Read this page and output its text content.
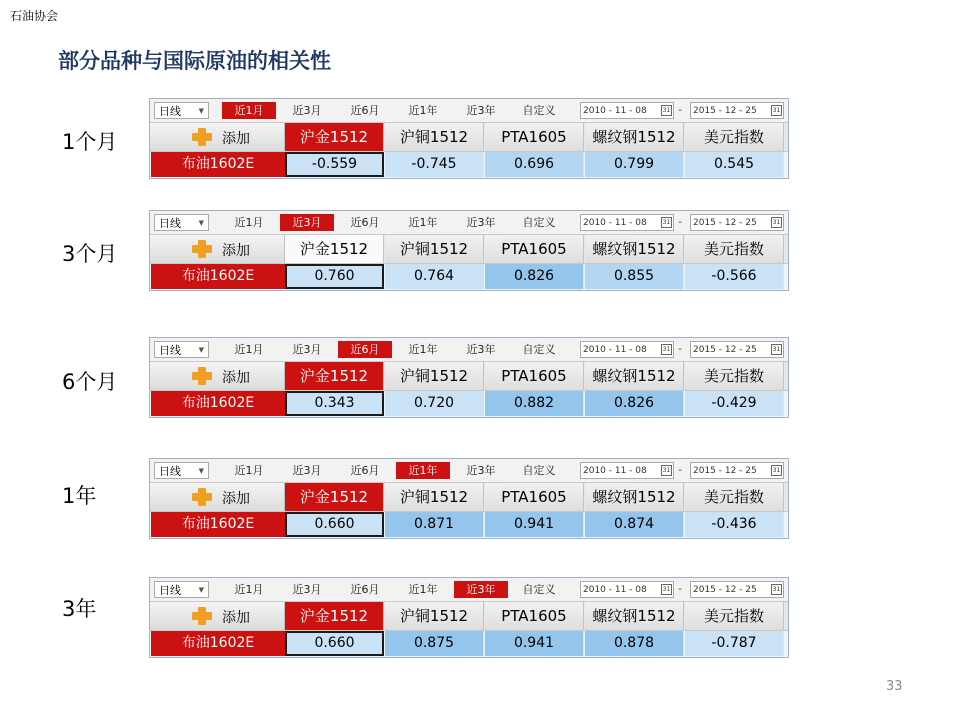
石油协会
部分品种与国际原油的相关性
33
1个月
日线	▼	近1月	近3月	近6月	近1年	近3年	自定义	2010 - 11 - 08	31 -	2015 - 12 - 25	31
添加	沪金1512	沪铜1512	PTA1605	螺纹钢1512	美元指数
布油1602E	-0.559	-0.745	0.696	0.799	0.545
3个月
日线	▼	近1月	近3月	近6月	近1年	近3年	自定义	2010 - 11 - 08	31 -	2015 - 12 - 25	31
添加	沪金1512	沪铜1512	PTA1605	螺纹钢1512	美元指数
布油1602E	0.760	0.764	0.826	0.855	-0.566
6个月
日线	▼	近1月	近3月	近6月	近1年	近3年	自定义	2010 - 11 - 08	31 -	2015 - 12 - 25	31
添加	沪金1512	沪铜1512	PTA1605	螺纹钢1512	美元指数
布油1602E	0.343	0.720	0.882	0.826	-0.429
1年
日线	▼	近1月	近3月	近6月	近1年	近3年	自定义	2010 - 11 - 08	31 -	2015 - 12 - 25	31
添加	沪金1512	沪铜1512	PTA1605	螺纹钢1512	美元指数
布油1602E	0.660	0.871	0.941	0.874	-0.436
3年
日线	▼	近1月	近3月	近6月	近1年	近3年	自定义	2010 - 11 - 08	31 -	2015 - 12 - 25	31
添加	沪金1512	沪铜1512	PTA1605	螺纹钢1512	美元指数
布油1602E	0.660	0.875	0.941	0.878	-0.787
